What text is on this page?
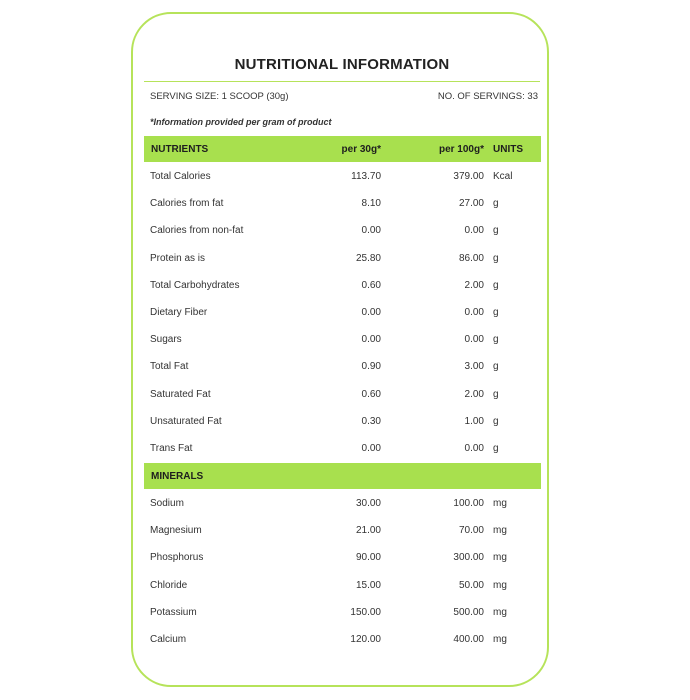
NUTRITIONAL INFORMATION
SERVING SIZE: 1 SCOOP (30g)	NO. OF SERVINGS: 33
*Information provided per gram of product
NUTRIENTS	per 30g*	per 100g* UNITS
Total Calories	113.70	379.00 Kcal
Calories from fat	8.10	27.00 g
Calories from non-fat	0.00	0.00 g
Protein as is	25.80	86.00 g
Total Carbohydrates	0.60	2.00 g
Dietary Fiber	0.00	0.00 g
Sugars	0.00	0.00 g
Total Fat	0.90	3.00 g
Saturated Fat	0.60	2.00 g
Unsaturated Fat	0.30	1.00 g
Trans Fat	0.00	0.00 g
MINERALS
Sodium	30.00	100.00 mg
Magnesium	21.00	70.00 mg
Phosphorus	90.00	300.00 mg
Chloride	15.00	50.00 mg
Potassium	150.00	500.00 mg
Calcium	120.00	400.00 mg
